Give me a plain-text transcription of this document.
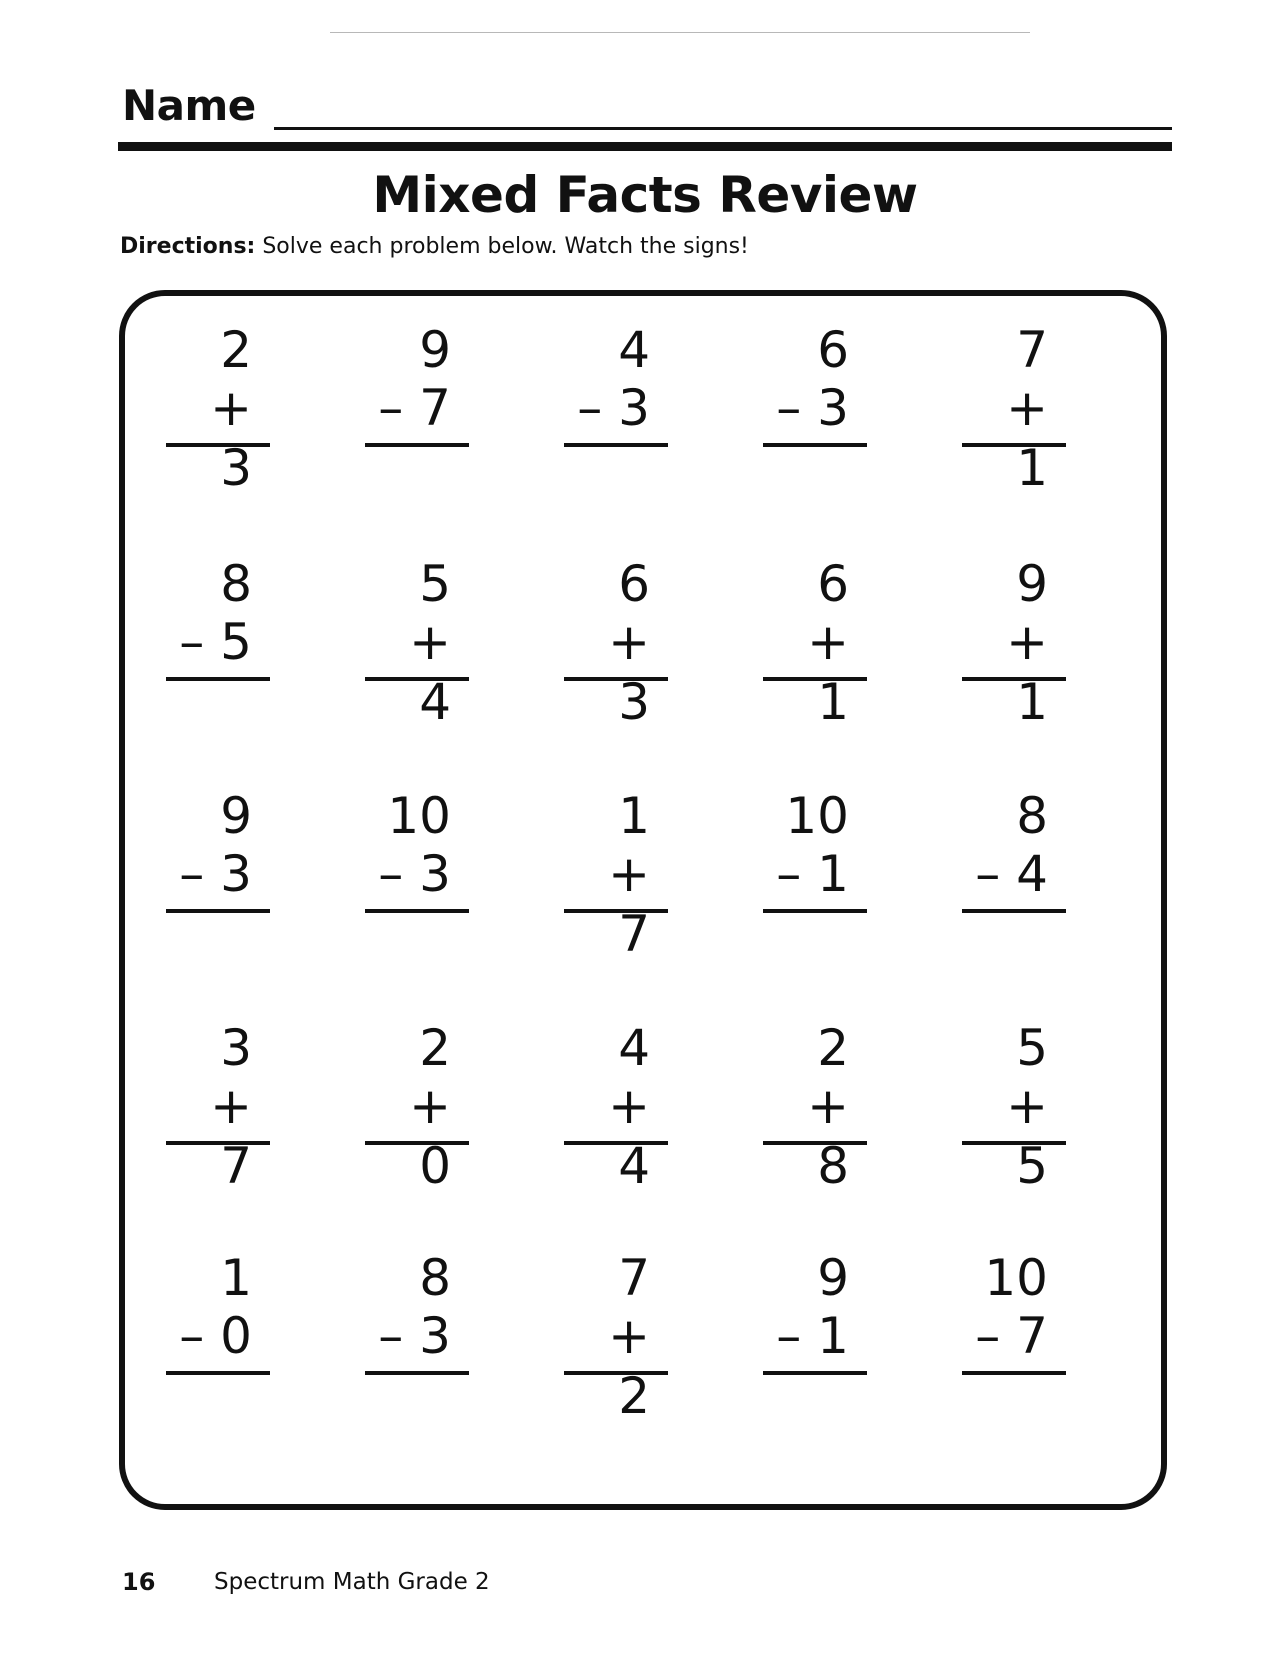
Name
Mixed Facts Review
Directions: Solve each problem below. Watch the signs!
2
+ 3
9
– 7
4
– 3
6
– 3
7
+ 1
8
– 5
5
+ 4
6
+ 3
6
+ 1
9
+ 1
9
– 3
10
– 3
1
+ 7
10
– 1
8
– 4
3
+ 7
2
+ 0
4
+ 4
2
+ 8
5
+ 5
1
– 0
8
– 3
7
+ 2
9
– 1
10
– 7
16	Spectrum Math Grade 2
